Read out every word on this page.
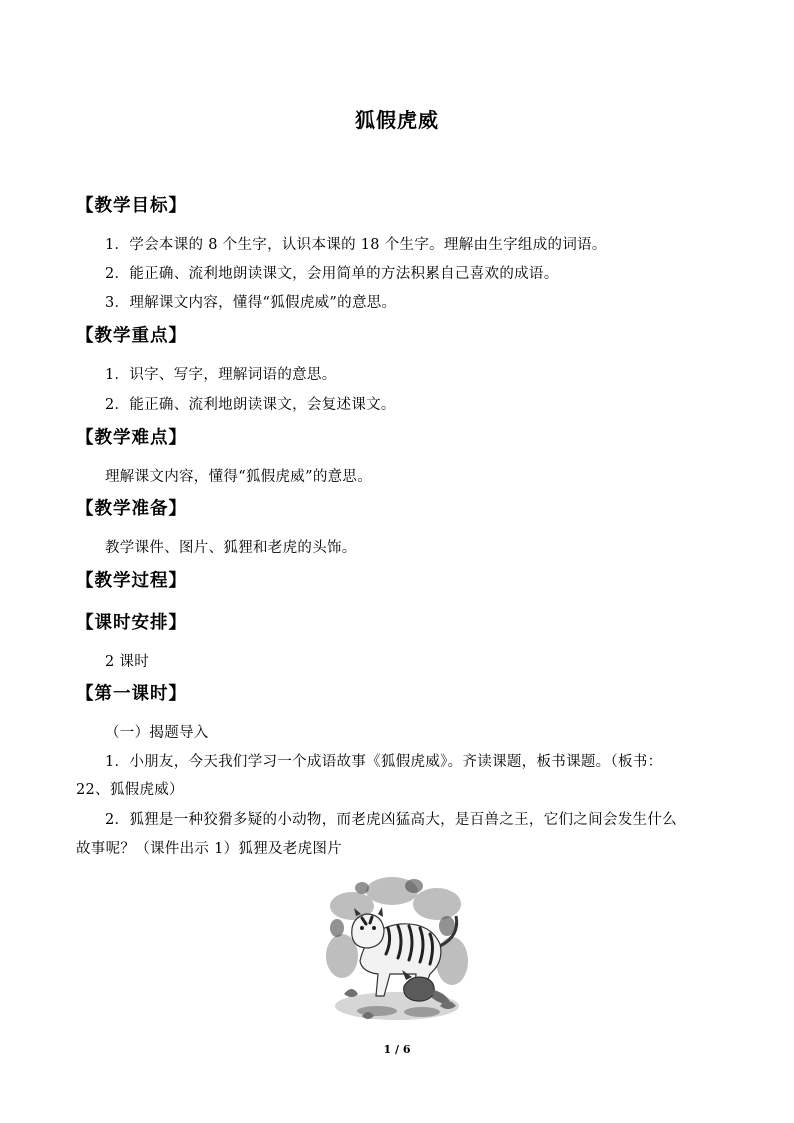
狐假虎威
【教学目标】
1．学会本课的 8 个生字，认识本课的 18 个生字。理解由生字组成的词语。
2．能正确、流利地朗读课文，会用简单的方法积累自己喜欢的成语。
3．理解课文内容，懂得“狐假虎威”的意思。
【教学重点】
1．识字、写字，理解词语的意思。
2．能正确、流利地朗读课文，会复述课文。
【教学难点】
理解课文内容，懂得“狐假虎威”的意思。
【教学准备】
教学课件、图片、狐狸和老虎的头饰。
【教学过程】
【课时安排】
2 课时
【第一课时】
（一）揭题导入
1．小朋友，今天我们学习一个成语故事《狐假虎威》。齐读课题，板书课题。（板书：
22、狐假虎威）
2．狐狸是一种狡猾多疑的小动物，而老虎凶猛高大，是百兽之王，它们之间会发生什么
故事呢？（课件出示 1）狐狸及老虎图片
1 / 6
